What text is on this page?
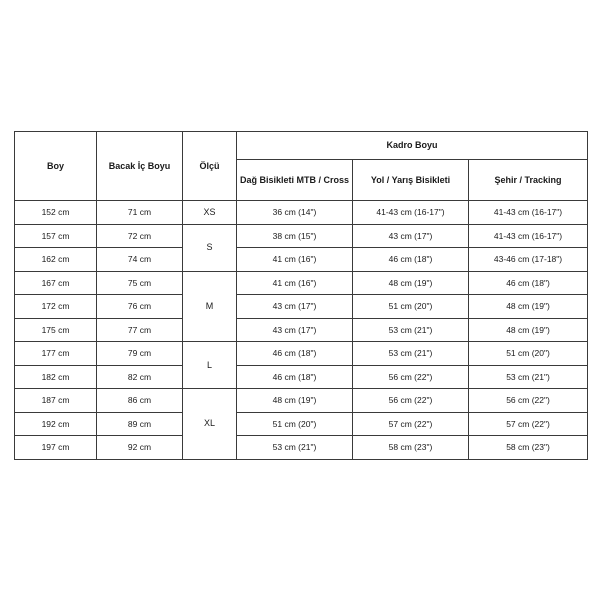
Boy	Bacak İç Boyu	Ölçü	Kadro Boyu		
			Dağ Bisikleti MTB / Cross	Yol / Yarış Bisikleti	Şehir / Tracking
152 cm	71 cm	XS	36 cm (14")	41-43 cm (16-17")	41-43 cm (16-17")
157 cm	72 cm	S	38 cm (15")	43 cm (17")	41-43 cm (16-17")
162 cm	74 cm		41 cm (16")	46 cm (18")	43-46 cm (17-18")
167 cm	75 cm	M	41 cm (16")	48 cm (19")	46 cm (18")
172 cm	76 cm		43 cm (17")	51 cm (20")	48 cm (19")
175 cm	77 cm		43 cm (17")	53 cm (21")	48 cm (19")
177 cm	79 cm	L	46 cm (18")	53 cm (21")	51 cm (20")
182 cm	82 cm		46 cm (18")	56 cm (22")	53 cm (21")
187 cm	86 cm	XL	48 cm (19")	56 cm (22")	56 cm (22")
192 cm	89 cm		51 cm (20")	57 cm (22")	57 cm (22")
197 cm	92 cm		53 cm (21")	58 cm (23")	58 cm (23")
